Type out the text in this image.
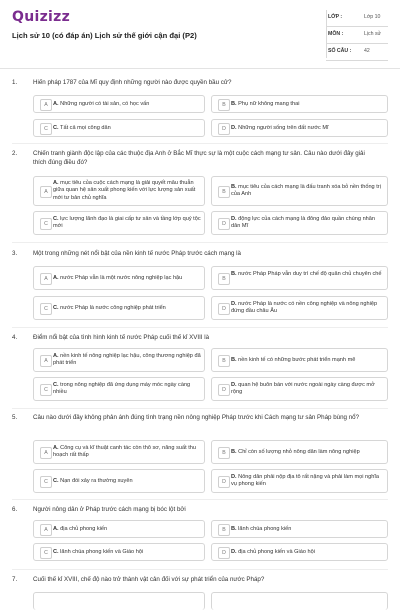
Quizizz
Lịch sử 10 (có đáp án) Lịch sử thế giới cận đại (P2)
LỚP :	Lớp 10
MÔN :	Lịch sử
SỐ CÂU : 42
1.	Hiến pháp 1787 của Mĩ quy định những người nào được quyền bầu cử?
A A. Những người có tài sản, có học vấn	B B. Phụ nữ không mang thai
C C. Tất cả mọi công dân	D D. Những người sống trên đất nước Mĩ
2.	Chiến tranh giành độc lập của các thuộc địa Anh ở Bắc Mĩ thực sự là một cuộc cách mạng tư sản. Câu nào dưới đây giải thích đúng điều đó?
A
A. mục tiêu của cuộc cách mạng là giải quyết mâu thuẫn giữa quan hệ sản xuất phong kiến với lực lượng sản xuất mới tư bản chủ nghĩa
B
B. mục tiêu của cách mạng là đấu tranh xóa bỏ nền thống trị của Anh
C
C. lực lượng lãnh đạo là giai cấp tư sản và tầng lớp quý tộc mới	D
D. động lực của cách mạng là đông đảo quần chúng nhân dân Mĩ
3.	Một trong những nét nổi bật của nền kinh tế nước Pháp trước cách mạng là
A A. nước Pháp vẫn là một nước nông nghiệp lạc hậu	B
B. nước Pháp Pháp vẫn duy trì chế độ quân chủ chuyên chế
C C. nước Pháp là nước công nghiệp phát triển	D
D. nước Pháp là nước có nền công nghiệp và nông nghiệp đứng đầu châu Âu
4.	Điểm nổi bật của tình hình kinh tế nước Pháp cuối thế kỉ XVIII là
A
A. nền kinh tế nông nghiệp lạc hậu, công thương nghiệp đã phát triển	B B. nền kinh tế có những bước phát triển mạnh mẽ
C
C. trong nông nghiệp đã ứng dụng máy móc ngày càng nhiều	D
D. quan hệ buôn bán với nước ngoài ngày càng được mở rộng
5.	Câu nào dưới đây không phản ánh đúng tình trạng nền nông nghiệp Pháp trước khi Cách mạng tư sản Pháp bùng nổ?
A
A. Công cụ và kĩ thuật canh tác còn thô sơ, năng suất thu hoạch rất thấp	B B. Chỉ còn số lượng nhỏ nông dân làm nông nghiệp
C C. Nạn đói xảy ra thường xuyên	D
D. Nông dân phải nộp địa tô rất nặng và phải làm mọi nghĩa vụ phong kiến
6.	Người nông dân ở Pháp trước cách mạng bị bóc lột bởi
A A. địa chủ phong kiến	B B. lãnh chúa phong kiến
C C. lãnh chúa phong kiến và Giáo hội	D D. địa chủ phong kiến và Giáo hội
7.	Cuối thế kỉ XVIII, chế độ nào trở thành vật cản đối với sự phát triển của nước Pháp?
